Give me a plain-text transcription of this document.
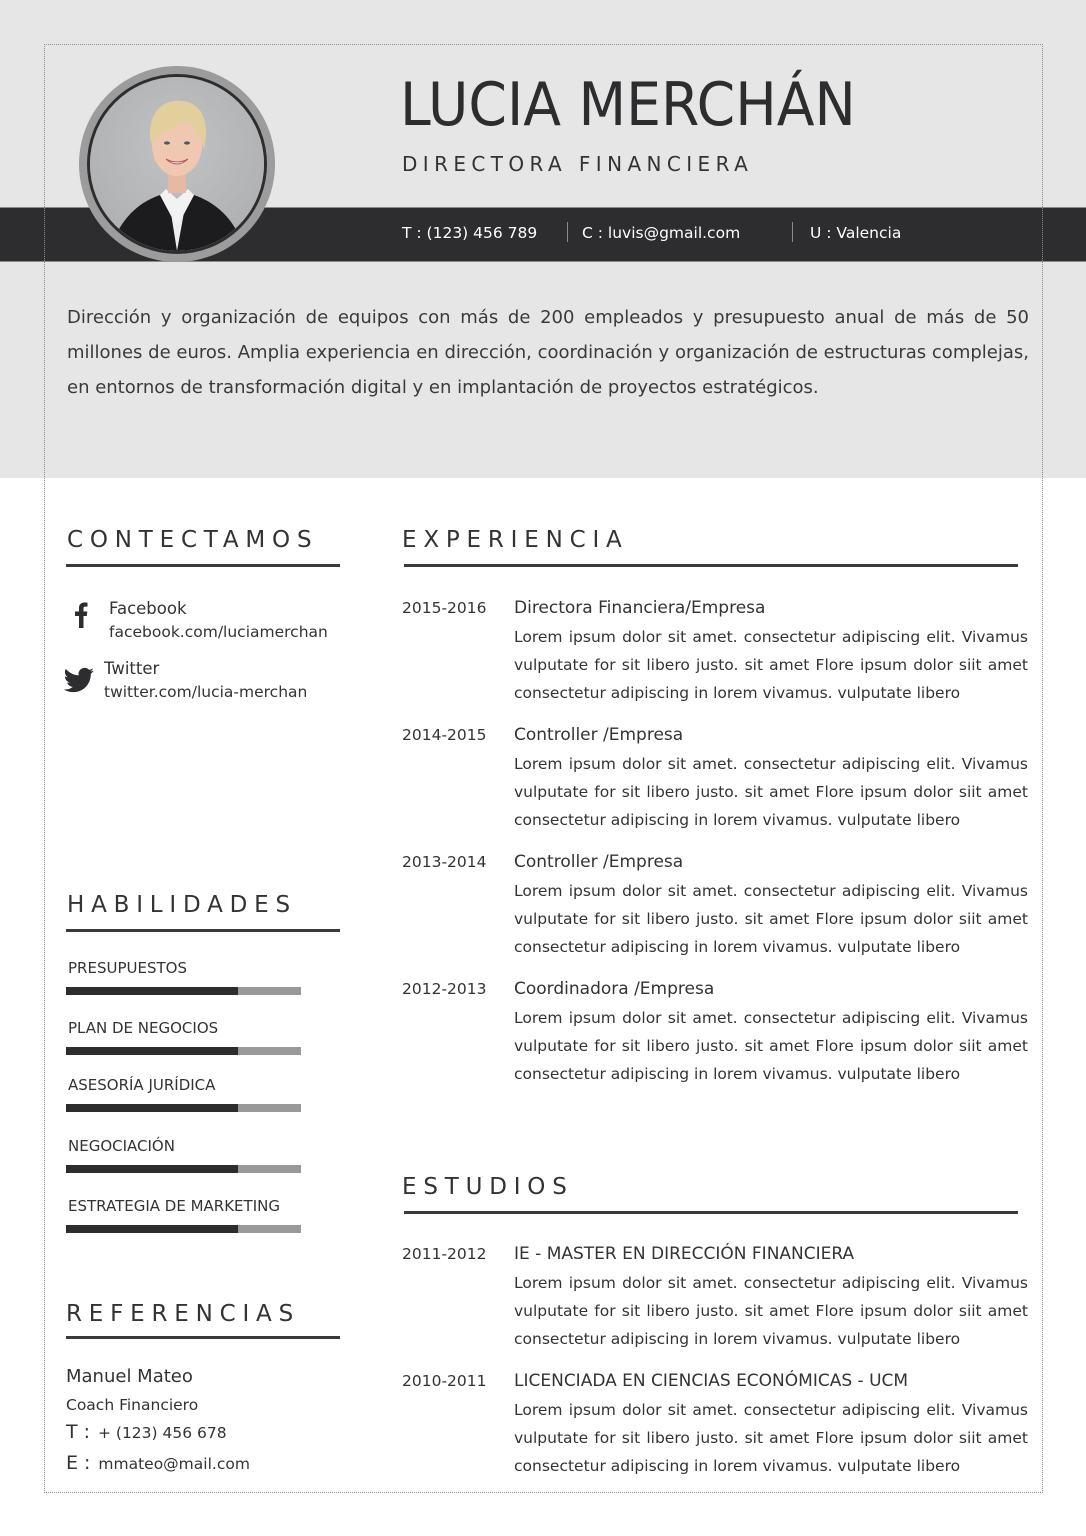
LUCIA MERCHÁN
DIRECTORA FINANCIERA
T : (123) 456 789	C : luvis@gmail.com	U : Valencia

Dirección y organización de equipos con más de 200 empleados y presupuesto anual de más de 50 millones de euros. Amplia experiencia en dirección, coordinación y organización de estructuras complejas, en entornos de transformación digital y en implantación de proyectos estratégicos.

CONTECTAMOS
Facebook
facebook.com/luciamerchan
Twitter
twitter.com/lucia-merchan
HABILIDADES
PRESUPUESTOS
PLAN DE NEGOCIOS
ASESORÍA JURÍDICA
NEGOCIACIÓN
ESTRATEGIA DE MARKETING
REFERENCIAS
Manuel Mateo
Coach Financiero
T : + (123) 456 678
E : mmateo@mail.com
EXPERIENCIA
2015-2016 Directora Financiera/Empresa

Lorem ipsum dolor sit amet. consectetur adipiscing elit. Vivamus vulputate for sit libero justo. sit amet Flore ipsum dolor siit amet consectetur adipiscing in lorem vivamus. vulputate libero

2014-2015 Controller /Empresa

Lorem ipsum dolor sit amet. consectetur adipiscing elit. Vivamus vulputate for sit libero justo. sit amet Flore ipsum dolor siit amet consectetur adipiscing in lorem vivamus. vulputate libero

2013-2014 Controller /Empresa

Lorem ipsum dolor sit amet. consectetur adipiscing elit. Vivamus vulputate for sit libero justo. sit amet Flore ipsum dolor siit amet consectetur adipiscing in lorem vivamus. vulputate libero

2012-2013 Coordinadora /Empresa

Lorem ipsum dolor sit amet. consectetur adipiscing elit. Vivamus vulputate for sit libero justo. sit amet Flore ipsum dolor siit amet consectetur adipiscing in lorem vivamus. vulputate libero

ESTUDIOS
2011-2012 IE - MASTER EN DIRECCIÓN FINANCIERA

Lorem ipsum dolor sit amet. consectetur adipiscing elit. Vivamus vulputate for sit libero justo. sit amet Flore ipsum dolor siit amet consectetur adipiscing in lorem vivamus. vulputate libero

2010-2011 LICENCIADA EN CIENCIAS ECONÓMICAS - UCM

Lorem ipsum dolor sit amet. consectetur adipiscing elit. Vivamus vulputate for sit libero justo. sit amet Flore ipsum dolor siit amet consectetur adipiscing in lorem vivamus. vulputate libero
